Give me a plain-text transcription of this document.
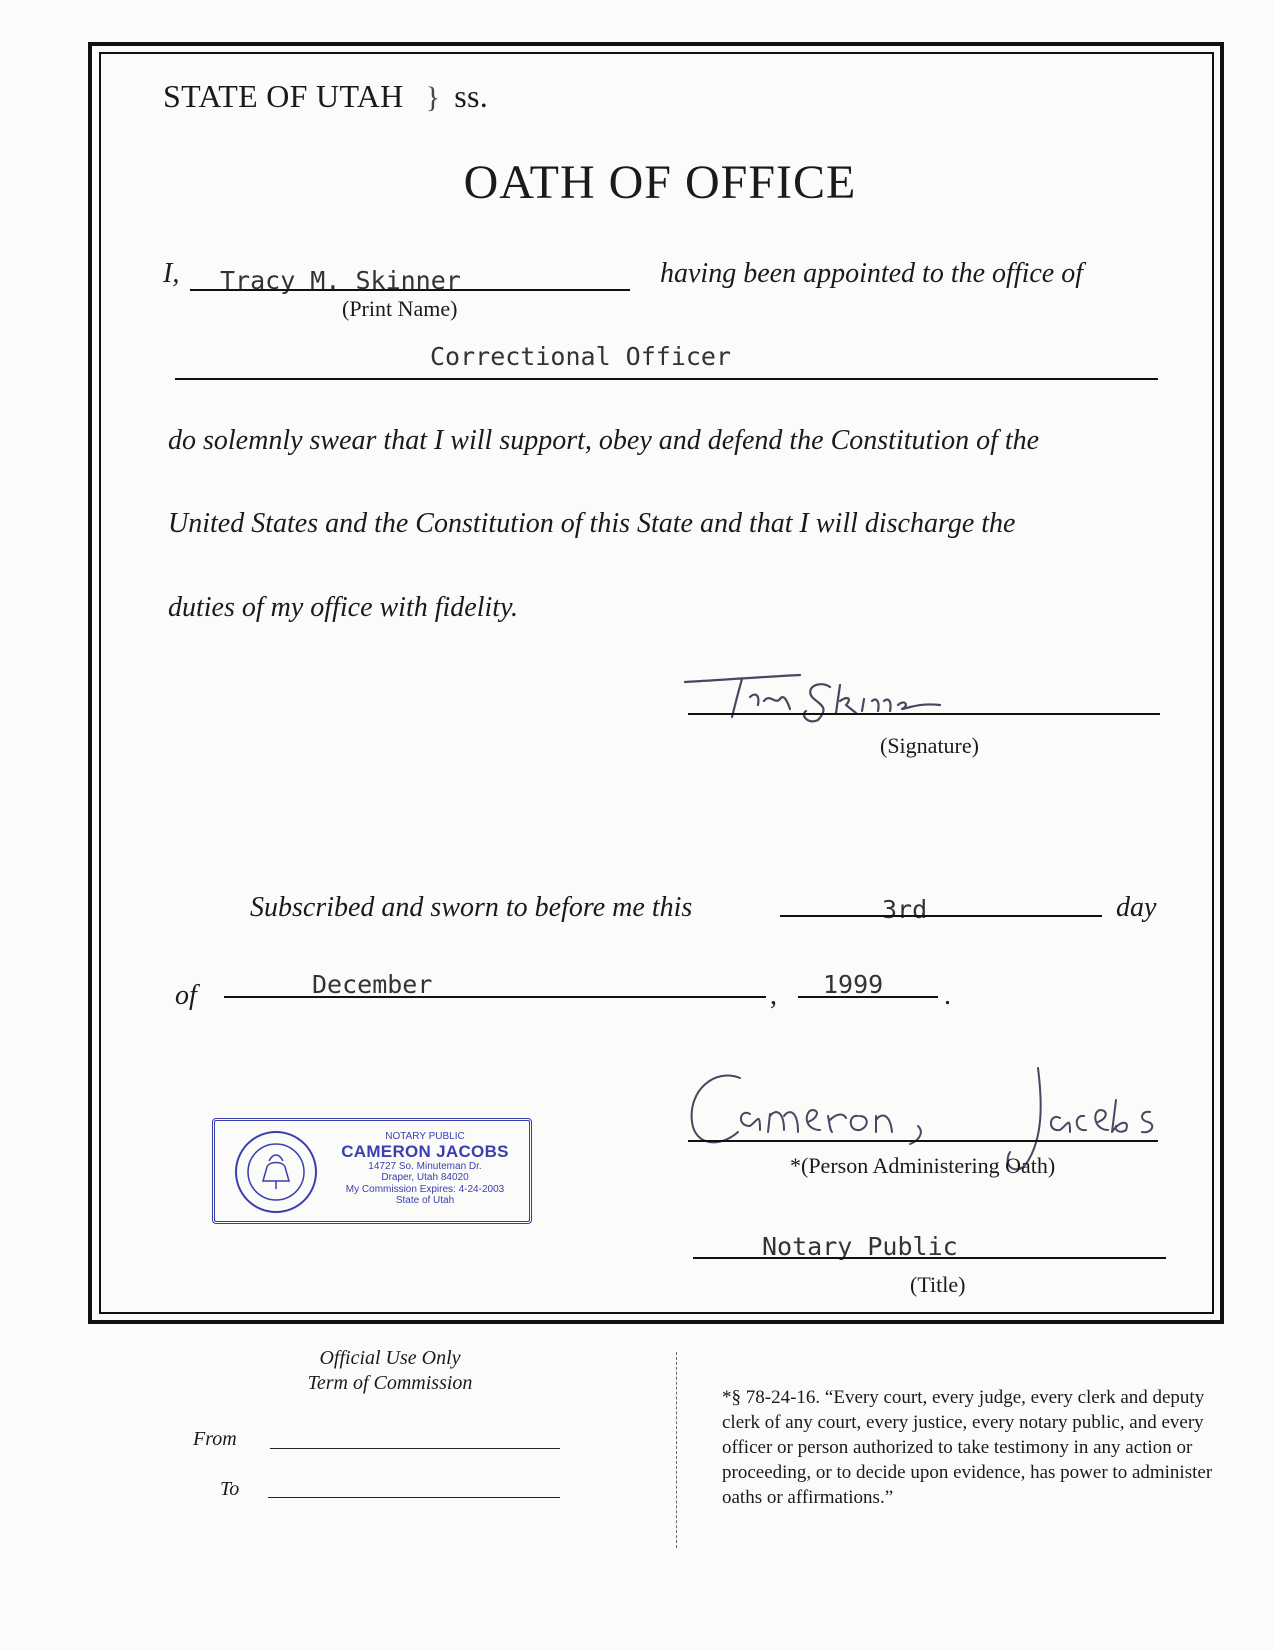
STATE OF UTAH } ss.
OATH OF OFFICE
I, Tracy M. Skinner
(Print Name)
having been appointed to the office of
Correctional Officer
do solemnly swear that I will support, obey and defend the Constitution of the
United States and the Constitution of this State and that I will discharge the
duties of my office with fidelity.
(Signature)
Subscribed and sworn to before me this	3rd	day
of	December	, 1999 .
NOTARY PUBLIC
CAMERON JACOBS
14727 So. Minuteman Dr.
Draper, Utah 84020
My Commission Expires: 4-24-2003
State of Utah
*(Person Administering Oath)
Notary Public
(Title)
Official Use Only
Term of Commission
From
To
*§ 78-24-16. “Every court, every judge, every clerk and deputy clerk of any court, every justice, every notary public, and every officer or person authorized to take testimony in any action or proceeding, or to decide upon evidence, has power to administer oaths or affirmations.”
